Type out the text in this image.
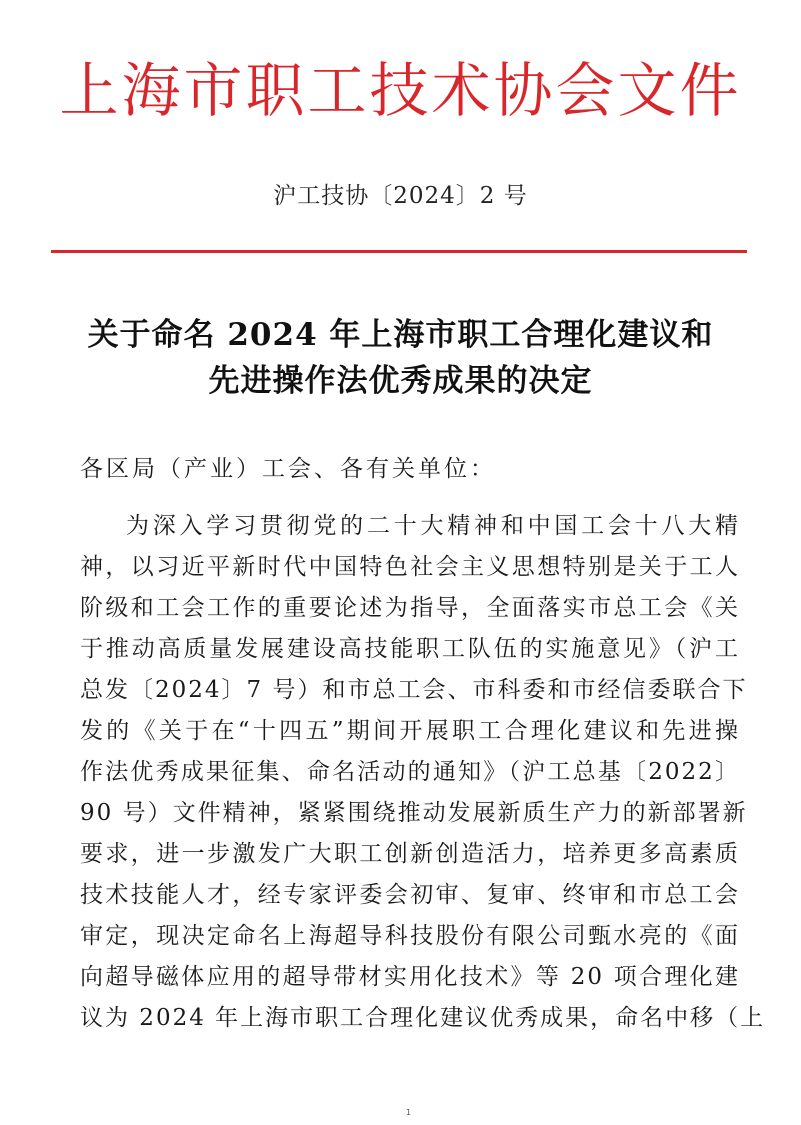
上海市职工技术协会文件
沪工技协〔2024〕2 号
关于命名 2024 年上海市职工合理化建议和
先进操作法优秀成果的决定
各区局（产业）工会、各有关单位：
为深入学习贯彻党的二十大精神和中国工会十八大精
神，以习近平新时代中国特色社会主义思想特别是关于工人
阶级和工会工作的重要论述为指导，全面落实市总工会《关
于推动高质量发展建设高技能职工队伍的实施意见》（沪工
总发〔2024〕7 号）和市总工会、市科委和市经信委联合下
发的《关于在“十四五”期间开展职工合理化建议和先进操
作法优秀成果征集、命名活动的通知》（沪工总基〔2022〕
90 号）文件精神，紧紧围绕推动发展新质生产力的新部署新
要求，进一步激发广大职工创新创造活力，培养更多高素质
技术技能人才，经专家评委会初审、复审、终审和市总工会
审定，现决定命名上海超导科技股份有限公司甄水亮的《面
向超导磁体应用的超导带材实用化技术》等 20 项合理化建
议为 2024 年上海市职工合理化建议优秀成果，命名中移（上
1
